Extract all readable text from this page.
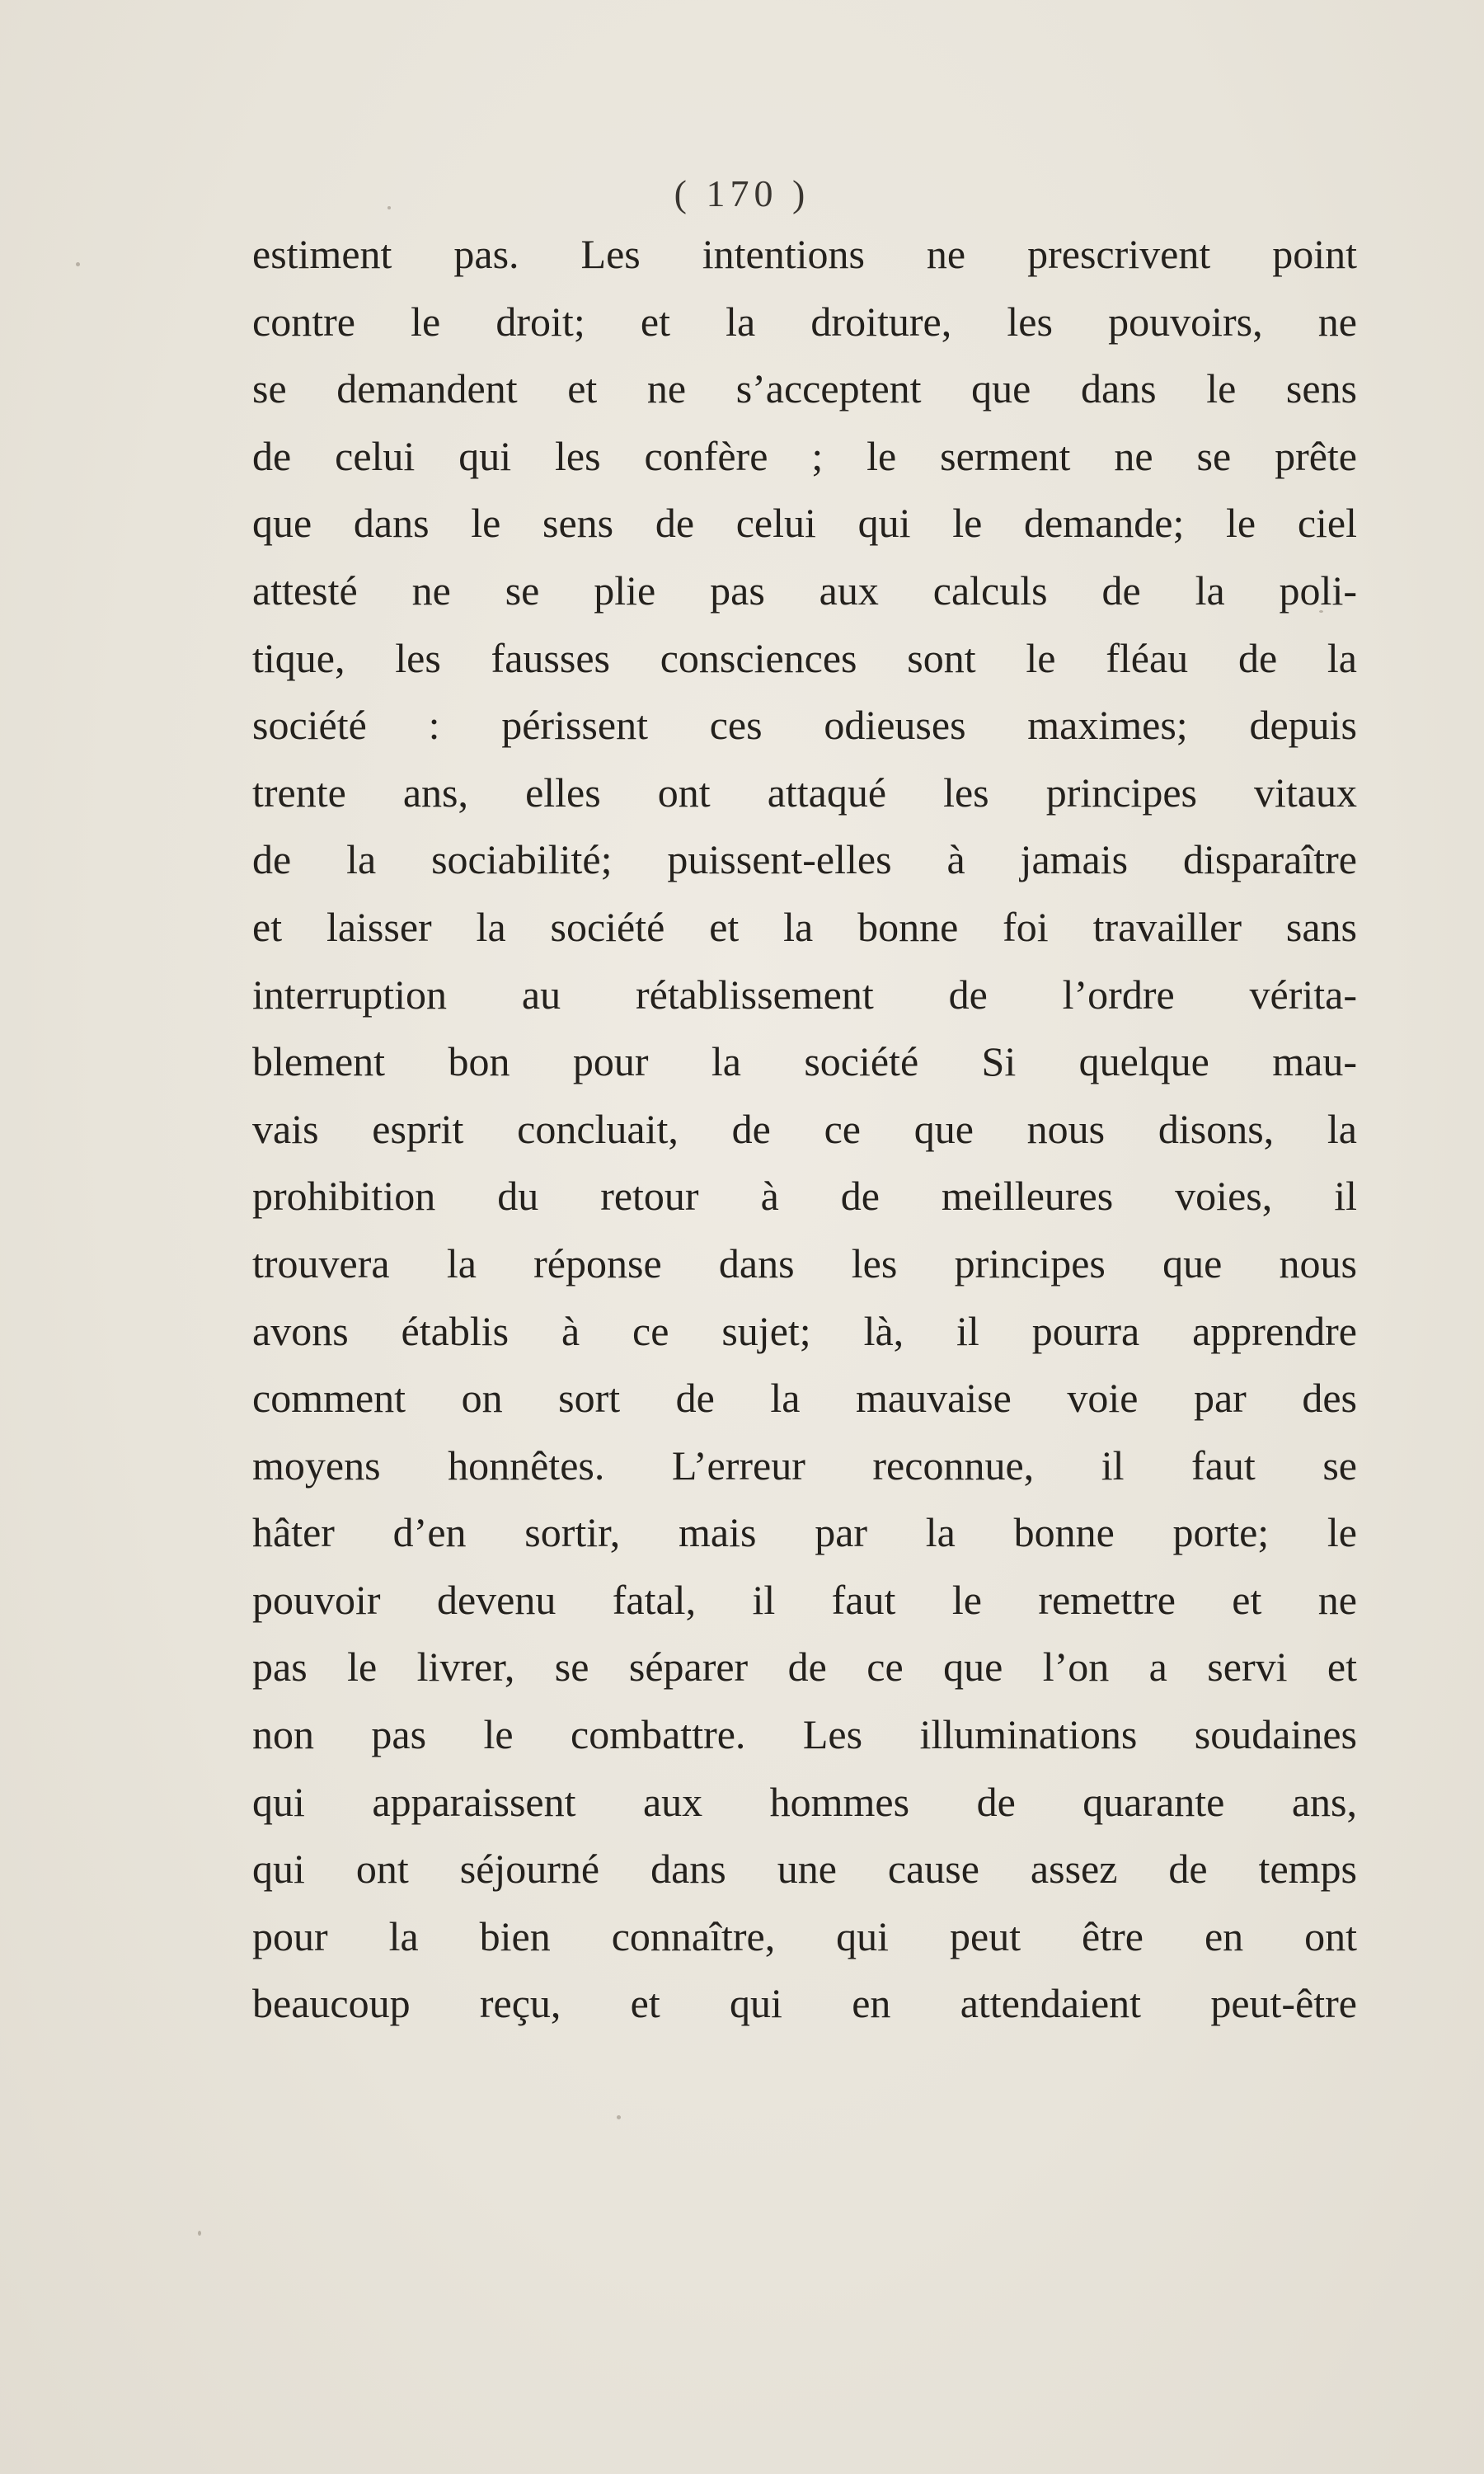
( 170 )
estiment pas. Les intentions ne prescrivent point
contre le droit; et la droiture, les pouvoirs, ne
se demandent et ne s’acceptent que dans le sens
de celui qui les confère ; le serment ne se prête
que dans le sens de celui qui le demande; le ciel
attesté ne se plie pas aux calculs de la poli-
tique, les fausses consciences sont le fléau de la
société : périssent ces odieuses maximes; depuis
trente ans, elles ont attaqué les principes vitaux
de la sociabilité; puissent-elles à jamais disparaître
et laisser la société et la bonne foi travailler sans
interruption au rétablissement de l’ordre vérita-
blement bon pour la société Si quelque mau-
vais esprit concluait, de ce que nous disons, la
prohibition du retour à de meilleures voies, il
trouvera la réponse dans les principes que nous
avons établis à ce sujet; là, il pourra apprendre
comment on sort de la mauvaise voie par des
moyens honnêtes. L’erreur reconnue, il faut se
hâter d’en sortir, mais par la bonne porte; le
pouvoir devenu fatal, il faut le remettre et ne
pas le livrer, se séparer de ce que l’on a servi et
non pas le combattre. Les illuminations soudaines
qui apparaissent aux hommes de quarante ans,
qui ont séjourné dans une cause assez de temps
pour la bien connaître, qui peut être en ont
beaucoup reçu, et qui en attendaient peut-être
